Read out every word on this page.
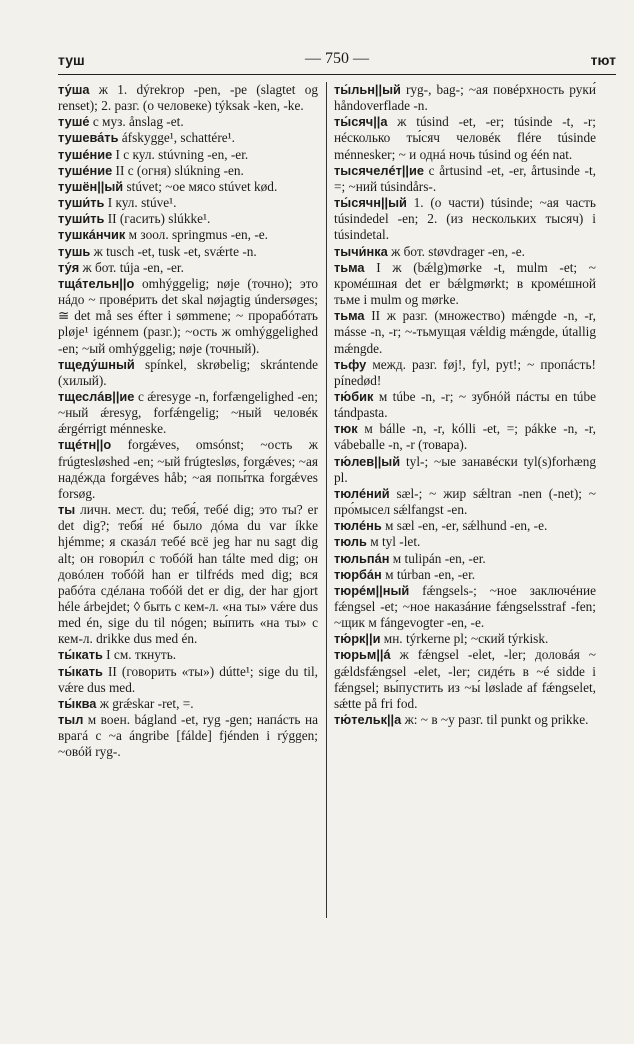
туш	— 750 —	тют
ту́ша ж 1. dýrekrop -pen, -pe (slagtet og renset); 2. разг. (о человеке) týksak -ken, -ke.
туше́ с муз. ånslag -et.
тушева́ть áfskygge¹, schattére¹.
тушéние I с кул. stúvning -en, -er.
тушéние II с (огня) slúkning -en.
тушён||ый stúvet; ~ое мясо stúvet kød.
туши́ть I кул. stúve¹.
туши́ть II (гасить) slúkke¹.
тушкáнчик м зоол. springmus -en, -e.
тушь ж tusch -et, tusk -et, svǽrte -n.
ту́я ж бот. túja -en, -er.
тщáтельн||о omhýggelig; nøje (точно); это нáдо ~ провéрить det skal nøjagtig úndersøges; ≅ det må ses éfter i sømmene; ~ прорабóтать pløje¹ igénnem (разг.); ~ость ж omhýggelighed -en; ~ый omhýggelig; nøje (точный).
тщеду́шный spínkel, skrøbelig; skrántende (хилый).
тщеслáв||ие с ǽresyge -n, forfængelighed -en; ~ный ǽresyg, forfǽngelig; ~ный человéк ǽrgérrigt ménneske.
тщéтн||о forgǽves, omsónst; ~ость ж frúgtesløshed -en; ~ый frúgtesløs, forgǽves; ~ая надéжда forgǽves håb; ~ая попы́тка forgǽves forsøg.
ты личн. мест. du; тебя́, тебé dig; это ты? er det dig?; тебя́ нé было дóма du var íkke hjémme; я сказáл тебé всё jeg har nu sagt dig alt; он говори́л с тобóй han tálte med dig; он довóлен тобóй han er tilfréds med dig; вся рабóта сдéлана тобóй det er dig, der har gjort héle árbejdet; ◊ быть с кем-л. «на ты» vǽre dus med én, sige du til nógen; вы́пить «на ты» с кем-л. drikke dus med én.
ты́кать I см. ткнуть.
ты́кать II (говорить «ты») dútte¹; sige du til, vǽre dus med.
ты́ква ж grǽskar -ret, =.
тыл м воен. bágland -et, ryg -gen; напáсть на врагá с ~а ángribe [fálde] fjénden i rýggen; ~овóй ryg-.
ты́льн||ый ryg-, bag-; ~ая повéрхность руки́ håndoverflade -n.
ты́сяч||а ж túsind -et, -er; túsinde -t, -r; нéсколько ты́сяч человéк flére túsinde ménnesker; ~ и однá ночь túsind og één nat.
тысячелéт||ие с årtusind -et, -er, årtusinde -t, =; ~ний túsindårs-.
ты́сячн||ый 1. (о части) túsinde; ~ая часть túsindedel -en; 2. (из нескольких тысяч) i túsindetal.
тычи́нка ж бот. støvdrager -en, -e.
тьма I ж (bǽlg)mørke -t, mulm -et; ~ кромéшная det er bǽlgmørkt; в кромéшной тьме i mulm og mørke.
тьма II ж разг. (множество) mǽngde -n, -r, másse -n, -r; ~-тьмущая vǽldig mǽngde, útallig mǽngde.
тьфу межд. разг. føj!, fyl, pyt!; ~ пропáсть! pínedød!
тю́бик м túbe -n, -r; ~ зубнóй пáсты en túbe tándpasta.
тюк м bálle -n, -r, kólli -et, =; pákke -n, -r, vábeballe -n, -r (товара).
тю́лев||ый tyl-; ~ые занавéски tyl(s)forhæng pl.
тюлéний sæl-; ~ жир sǽltran -nen (-net); ~ про́мысел sǽlfangst -en.
тюлéнь м sæl -en, -er, sǽlhund -en, -e.
тюль м tyl -let.
тюльпáн м tulipán -en, -er.
тюрбáн м túrban -en, -er.
тюрéм||ный fǽngsels-; ~ное заключéние fǽngsel -et; ~ное наказáние fǽngselsstraf -fen; ~щик м fángevogter -en, -e.
тю́рк||и мн. týrkerne pl; ~ский týrkisk.
тюрьм||á ж fǽngsel -elet, -ler; доловáя ~ gǽldsfǽngsel -elet, -ler; сидéть в ~é sidde i fǽngsel; вы́пустить из ~ы́ løslade af fǽngselet, sǽtte på fri fod.
тю́тельк||а ж: ~ в ~у разг. til punkt og prikke.
